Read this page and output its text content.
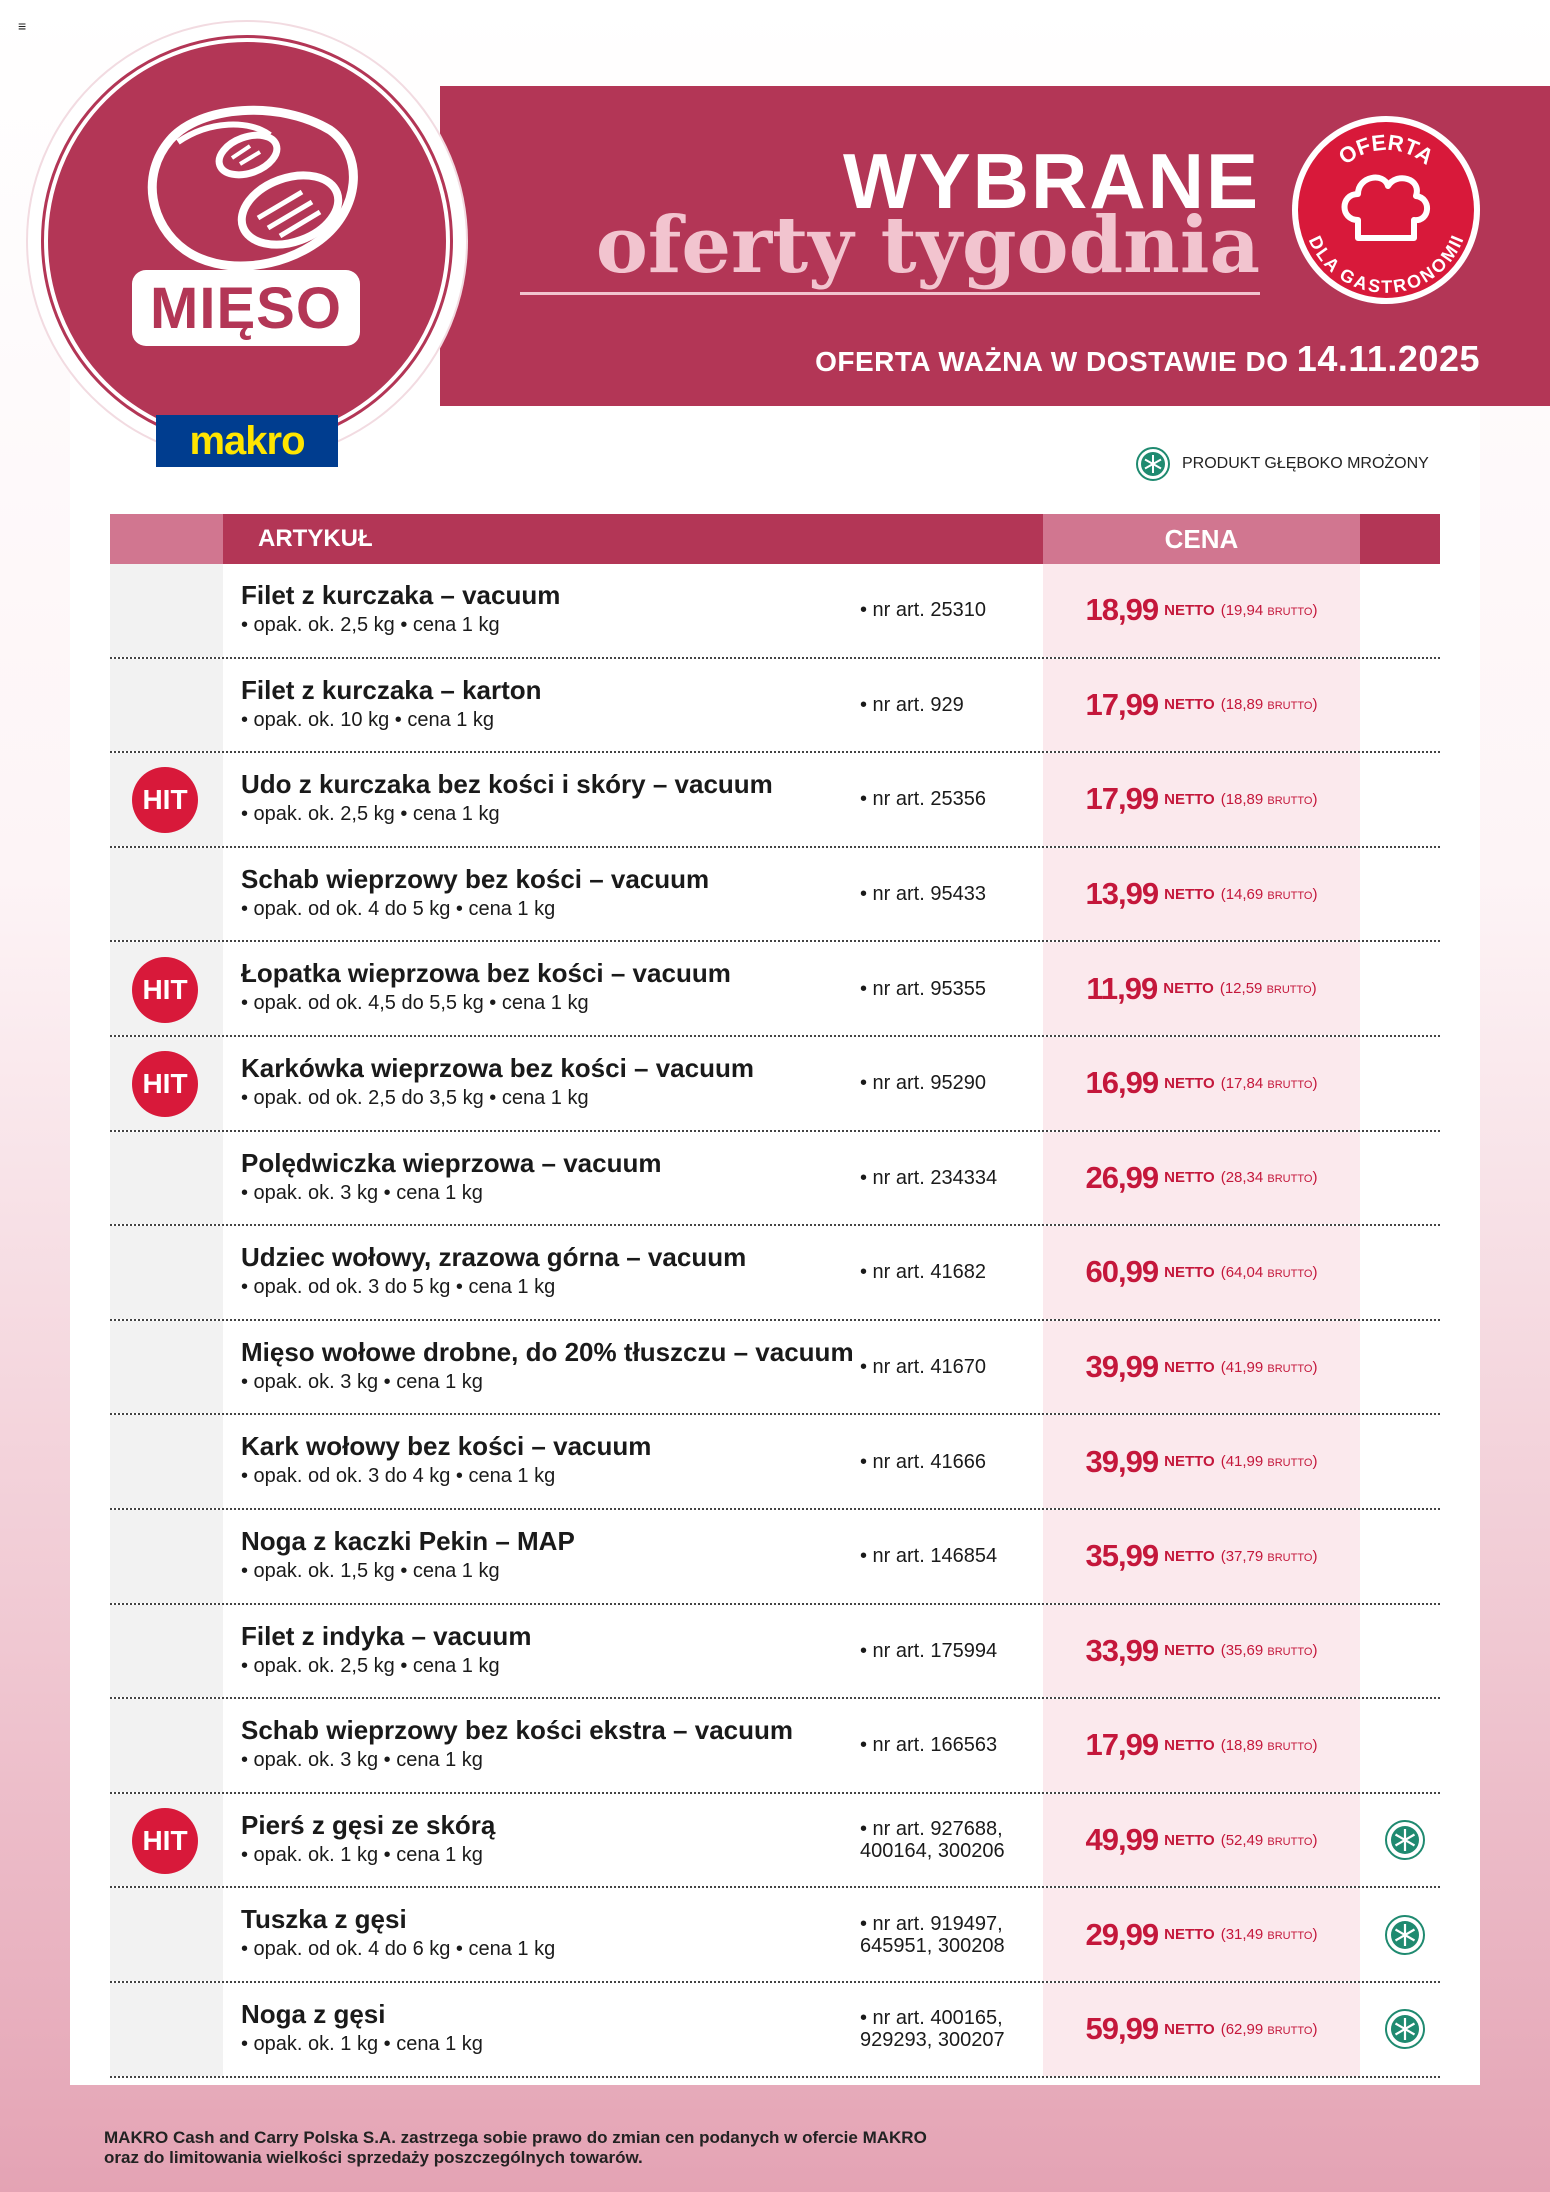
≡
MIĘSO
makro
WYBRANE
oferty tygodnia
OFERTA WAŻNA W DOSTAWIE DO 14.11.2025
OFERTA
DLA GASTRONOMII
PRODUKT GŁĘBOKO MROŻONY
ARTYKUŁ	CENA
Filet z kurczaka – vacuum
• opak. ok. 2,5 kg • cena 1 kg
• nr art. 25310	18,99 NETTO (19,94 BRUTTO)
Filet z kurczaka – karton
• opak. ok. 10 kg • cena 1 kg
• nr art. 929	17,99 NETTO (18,89 BRUTTO)
HIT
Udo z kurczaka bez kości i skóry – vacuum
• opak. ok. 2,5 kg • cena 1 kg
• nr art. 25356	17,99 NETTO (18,89 BRUTTO)
Schab wieprzowy bez kości – vacuum
• opak. od ok. 4 do 5 kg • cena 1 kg
• nr art. 95433	13,99 NETTO (14,69 BRUTTO)
HIT
Łopatka wieprzowa bez kości – vacuum
• opak. od ok. 4,5 do 5,5 kg • cena 1 kg
• nr art. 95355	11,99 NETTO (12,59 BRUTTO)
HIT
Karkówka wieprzowa bez kości – vacuum
• opak. od ok. 2,5 do 3,5 kg • cena 1 kg
• nr art. 95290	16,99 NETTO (17,84 BRUTTO)
Polędwiczka wieprzowa – vacuum
• opak. ok. 3 kg • cena 1 kg
• nr art. 234334	26,99 NETTO (28,34 BRUTTO)
Udziec wołowy, zrazowa górna – vacuum
• opak. od ok. 3 do 5 kg • cena 1 kg
• nr art. 41682	60,99 NETTO (64,04 BRUTTO)
Mięso wołowe drobne, do 20% tłuszczu – vacuum
• opak. ok. 3 kg • cena 1 kg
• nr art. 41670	39,99 NETTO (41,99 BRUTTO)
Kark wołowy bez kości – vacuum
• opak. od ok. 3 do 4 kg • cena 1 kg
• nr art. 41666	39,99 NETTO (41,99 BRUTTO)
Noga z kaczki Pekin – MAP
• opak. ok. 1,5 kg • cena 1 kg
• nr art. 146854	35,99 NETTO (37,79 BRUTTO)
Filet z indyka – vacuum
• opak. ok. 2,5 kg • cena 1 kg
• nr art. 175994	33,99 NETTO (35,69 BRUTTO)
Schab wieprzowy bez kości ekstra – vacuum
• opak. ok. 3 kg • cena 1 kg
• nr art. 166563	17,99 NETTO (18,89 BRUTTO)
HIT
Pierś z gęsi ze skórą
• opak. ok. 1 kg • cena 1 kg
• nr art. 927688,
400164, 300206	49,99 NETTO (52,49 BRUTTO)
Tuszka z gęsi
• opak. od ok. 4 do 6 kg • cena 1 kg
• nr art. 919497,
645951, 300208	29,99 NETTO (31,49 BRUTTO)
Noga z gęsi
• opak. ok. 1 kg • cena 1 kg
• nr art. 400165,
929293, 300207	59,99 NETTO (62,99 BRUTTO)
MAKRO Cash and Carry Polska S.A. zastrzega sobie prawo do zmian cen podanych w ofercie MAKRO
oraz do limitowania wielkości sprzedaży poszczególnych towarów.
